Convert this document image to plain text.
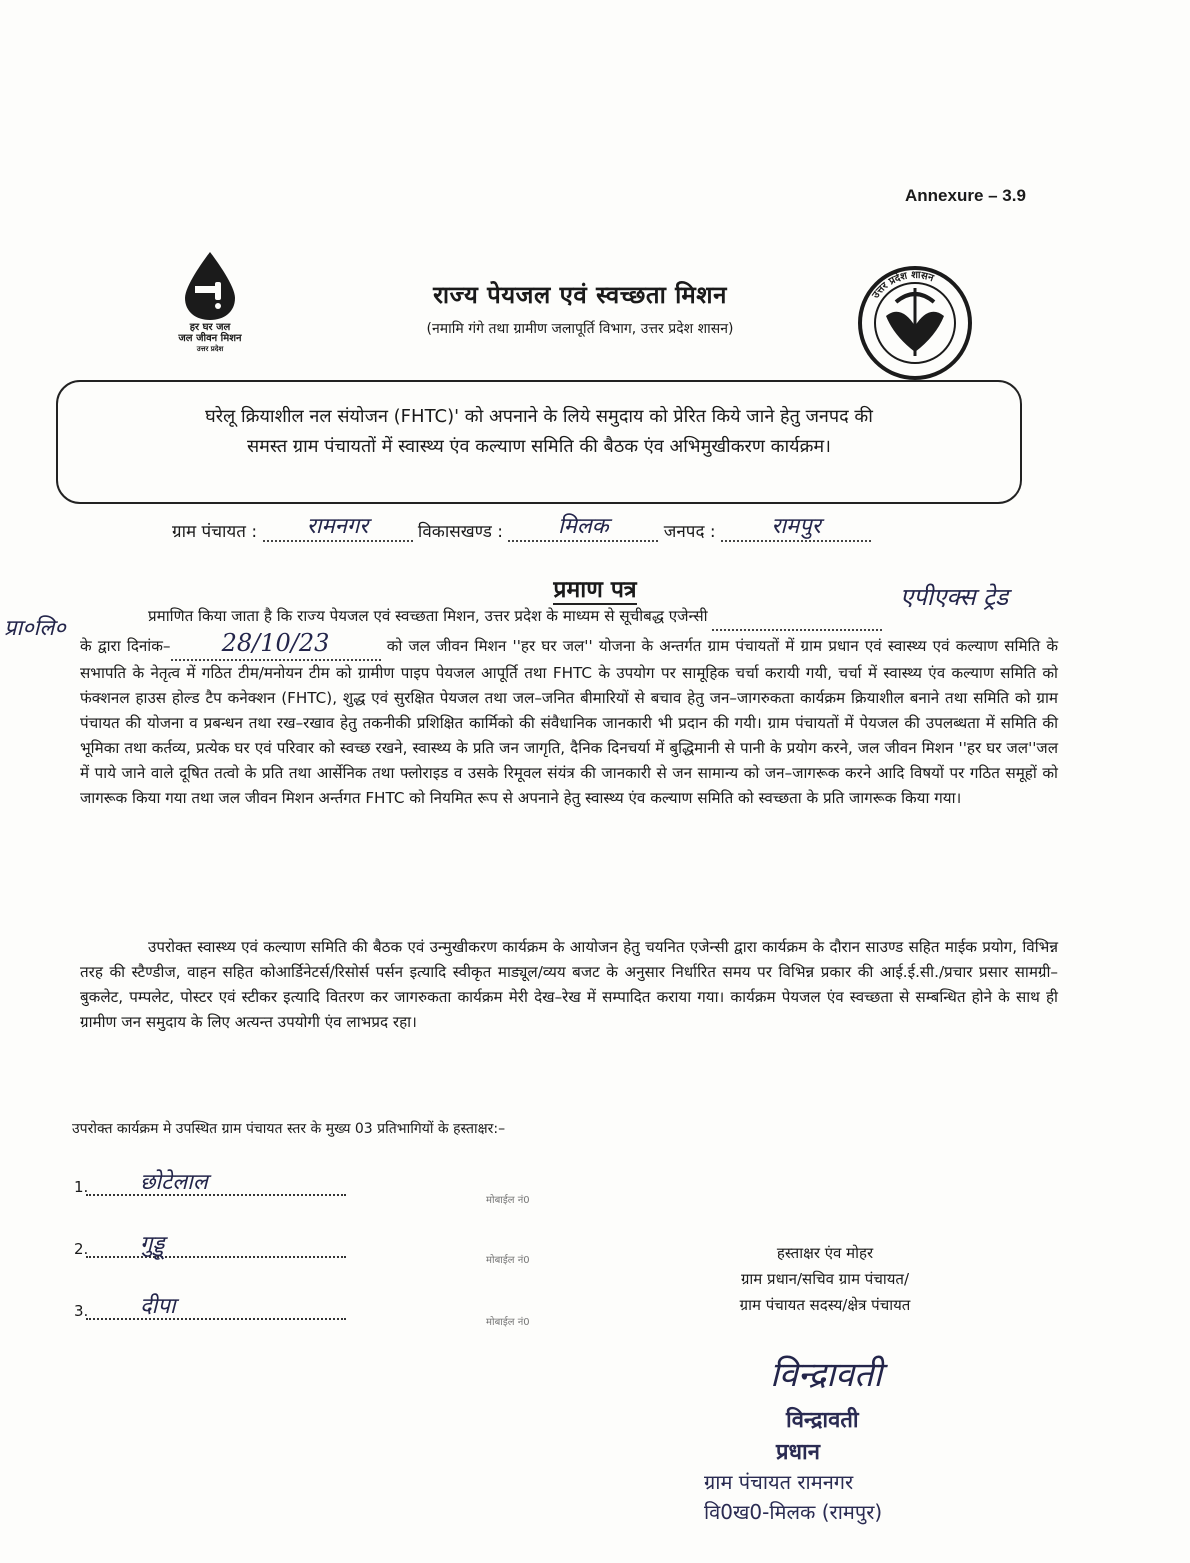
Annexure – 3.9
हर घर जल
जल जीवन मिशन
उत्तर प्रदेश
राज्य पेयजल एवं स्वच्छता मिशन
(नमामि गंगे तथा ग्रामीण जलापूर्ति विभाग, उत्तर प्रदेश शासन)
उत्तर प्रदेश शासन
घरेलू क्रियाशील नल संयोजन (FHTC)' को अपनाने के लिये समुदाय को प्रेरित किये जाने हेतु जनपद की
समस्त ग्राम पंचायतों में स्वास्थ्य एंव कल्याण समिति की बैठक एंव अभिमुखीकरण कार्यक्रम।
ग्राम पंचायत : रामनगर	विकासखण्ड :	मिलक	जनपद :	रामपुर
प्रमाण पत्र	एपीएक्स ट्रेड
प्रा०लि०	प्रमाणित किया जाता है कि राज्य पेयजल एवं स्वच्छता मिशन, उत्तर प्रदेश के माध्यम से सूचीबद्ध एजेन्सी
के द्वारा दिनांक– 28/10/23	को जल जीवन मिशन ''हर घर जल'' योजना के अन्तर्गत ग्राम पंचायतों में ग्राम प्रधान एवं स्वास्थ्य एवं कल्याण समिति के सभापति के नेतृत्व में गठित टीम/मनोयन टीम को ग्रामीण पाइप पेयजल आपूर्ति तथा FHTC के उपयोग पर सामूहिक चर्चा करायी गयी, चर्चा में स्वास्थ्य एंव कल्याण समिति को फंक्शनल हाउस होल्ड टैप कनेक्शन (FHTC), शुद्ध एवं सुरक्षित पेयजल तथा जल–जनित बीमारियों से बचाव हेतु जन–जागरुकता कार्यक्रम क्रियाशील बनाने तथा समिति को ग्राम पंचायत की योजना व प्रबन्धन तथा रख–रखाव हेतु तकनीकी प्रशिक्षित कार्मिको की संवैधानिक जानकारी भी प्रदान की गयी। ग्राम पंचायतों में पेयजल की उपलब्धता में समिति की भूमिका तथा कर्तव्य, प्रत्येक घर एवं परिवार को स्वच्छ रखने, स्वास्थ्य के प्रति जन जागृति, दैनिक दिनचर्या में बुद्धिमानी से पानी के प्रयोग करने, जल जीवन मिशन ''हर घर जल''जल में पाये जाने वाले दूषित तत्वो के प्रति तथा आर्सेनिक तथा फ्लोराइड व उसके रिमूवल संयंत्र की जानकारी से जन सामान्य को जन–जागरूक करने आदि विषयों पर गठित समूहों को जागरूक किया गया तथा जल जीवन मिशन अर्न्तगत FHTC को नियमित रूप से अपनाने हेतु स्वास्थ्य एंव कल्याण समिति को स्वच्छता के प्रति जागरूक किया गया।
उपरोक्त स्वास्थ्य एवं कल्याण समिति की बैठक एवं उन्मुखीकरण कार्यक्रम के आयोजन हेतु चयनित एजेन्सी द्वारा कार्यक्रम के दौरान साउण्ड सहित माईक प्रयोग, विभिन्न तरह की स्टैण्डीज, वाहन सहित कोआर्डिनेटर्स/रिसोर्स पर्सन इत्यादि स्वीकृत माड्यूल/व्यय बजट के अनुसार निर्धारित समय पर विभिन्न प्रकार की आई.ई.सी./प्रचार प्रसार सामग्री–बुकलेट, पम्पलेट, पोस्टर एवं स्टीकर इत्यादि वितरण कर जागरुकता कार्यक्रम मेरी देख–रेख में सम्पादित कराया गया। कार्यक्रम पेयजल एंव स्वच्छता से सम्बन्धित होने के साथ ही ग्रामीण जन समुदाय के लिए अत्यन्त उपयोगी एंव लाभप्रद रहा।
उपरोक्त कार्यक्रम मे उपस्थित ग्राम पंचायत स्तर के मुख्य 03 प्रतिभागियों के हस्ताक्षर:–
1. छोटेलाल
मोबाईल नं0
2. गुड्डू
मोबाईल नं0
3. दीपा
मोबाईल नं0
हस्ताक्षर एंव मोहर
ग्राम प्रधान/सचिव ग्राम पंचायत/
ग्राम पंचायत सदस्य/क्षेत्र पंचायत
विन्द्रावती
विन्द्रावती
प्रधान
ग्राम पंचायत रामनगर
वि0ख0-मिलक (रामपुर)
